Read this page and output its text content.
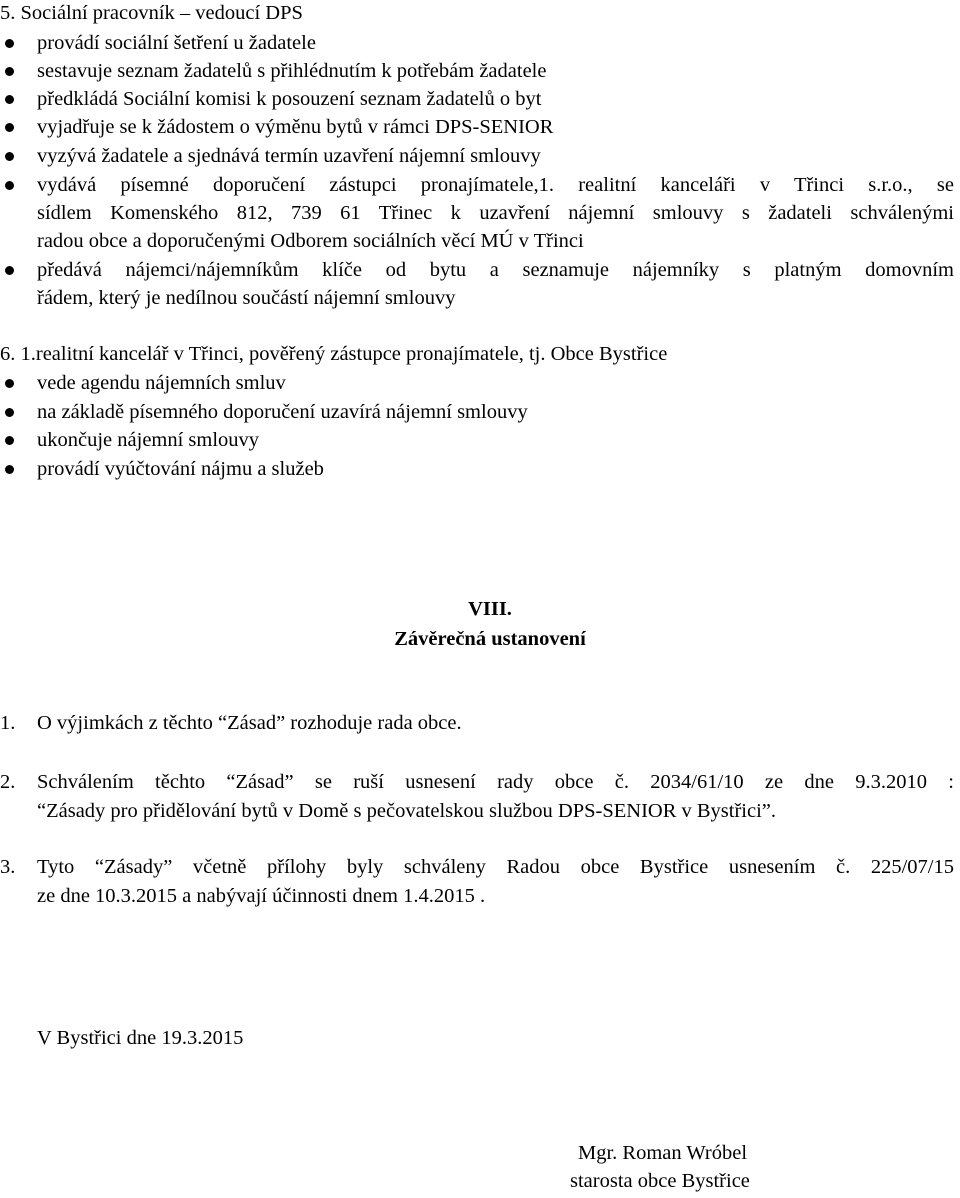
5. Sociální pracovník – vedoucí DPS
provádí sociální šetření u žadatele
sestavuje seznam žadatelů s přihlédnutím k potřebám žadatele
předkládá Sociální komisi k posouzení seznam žadatelů o byt
vyjadřuje se k žádostem o výměnu bytů v rámci DPS-SENIOR
vyzývá žadatele a sjednává termín uzavření nájemní smlouvy
vydává písemné doporučení zástupci pronajímatele,1. realitní kanceláři v Třinci s.r.o., se
sídlem Komenského 812, 739 61 Třinec k uzavření nájemní smlouvy s žadateli schválenými
radou obce a doporučenými Odborem sociálních věcí MÚ v Třinci
předává nájemci/nájemníkům klíče od bytu a seznamuje nájemníky s platným domovním
řádem, který je nedílnou součástí nájemní smlouvy
6. 1.realitní kancelář v Třinci, pověřený zástupce pronajímatele, tj. Obce Bystřice
vede agendu nájemních smluv
na základě písemného doporučení uzavírá nájemní smlouvy
ukončuje nájemní smlouvy
provádí vyúčtování nájmu a služeb
VIII.
Závěrečná ustanovení
1. O výjimkách z těchto “Zásad” rozhoduje rada obce.
2. Schválením těchto “Zásad” se ruší usnesení rady obce č. 2034/61/10 ze dne 9.3.2010 :
“Zásady pro přidělování bytů v Domě s pečovatelskou službou DPS-SENIOR v Bystřici”.
3. Tyto “Zásady” včetně přílohy byly schváleny Radou obce Bystřice usnesením č. 225/07/15
ze dne 10.3.2015 a nabývají účinnosti dnem 1.4.2015 .
V Bystřici dne 19.3.2015
Mgr. Roman Wróbel
starosta obce Bystřice
